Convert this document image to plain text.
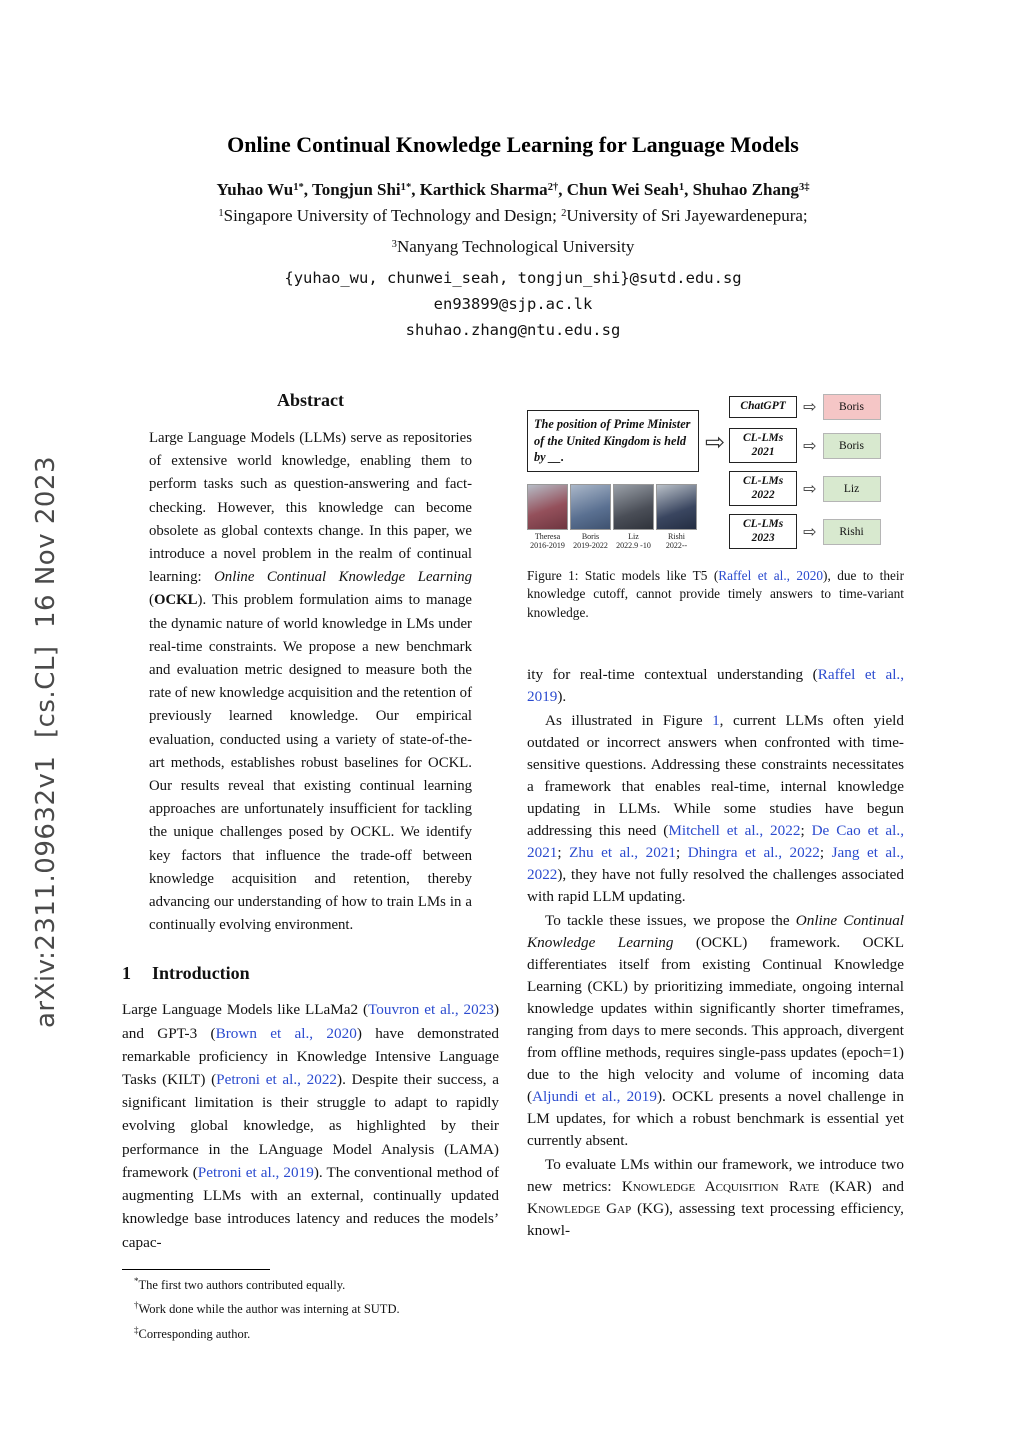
arXiv:2311.09632v1  [cs.CL]  16 Nov 2023
Online Continual Knowledge Learning for Language Models
Yuhao $Wu^{1*}$, Tongjun Shi$^{1*}$, Karthick Sharma$^{2\dagger}$, Chun Wei Seah$^1$, Shuhao Zhang$^{3\ddagger}$
$^1$Singapore University of Technology and Design; $^2$University of Sri Jayewardenepura;
$^3$Nanyang Technological University
{yuhao_wu, chunwei_seah, tongjun_shi}@sutd.edu.sg
en93899@sjp.ac.lk
shuhao.zhang@ntu.edu.sg
Abstract
Large Language Models (LLMs) serve as repositories of extensive world knowledge, enabling them to perform tasks such as question-answering and fact-checking. However, this knowledge can become obsolete as global contexts change. In this paper, we introduce a novel problem in the realm of continual learning: Online Continual Knowledge Learning (OCKL). This problem formulation aims to manage the dynamic nature of world knowledge in LMs under real-time constraints. We propose a new benchmark and evaluation metric designed to measure both the rate of new knowledge acquisition and the retention of previously learned knowledge. Our empirical evaluation, conducted using a variety of state-of-the-art methods, establishes robust baselines for OCKL. Our results reveal that existing continual learning approaches are unfortunately insufficient for tackling the unique challenges posed by OCKL. We identify key factors that influence the trade-off between knowledge acquisition and retention, thereby advancing our understanding of how to train LMs in a continually evolving environment.
1 Introduction
Large Language Models like LLaMa2 (Touvron et al., 2023) and GPT-3 (Brown et al., 2020) have demonstrated remarkable proficiency in Knowledge Intensive Language Tasks (KILT) (Petroni et al., 2022). Despite their success, a significant limitation is their struggle to adapt to rapidly evolving global knowledge, as highlighted by their performance in the LAnguage Model Analysis (LAMA) framework (Petroni et al., 2019). The conventional method of augmenting LLMs with an external, continually updated knowledge base introduces latency and reduces the models’ capac-
*The first two authors contributed equally.
†Work done while the author was interning at SUTD.
‡Corresponding author.
The position of Prime Minister of the United Kingdom is held by __.
Theresa
2016-2019
Boris
2019-2022
Liz
2022.9 -10
Rishi
2022--
⇨
ChatGPT	⇨ Boris
CL-LMs
2021	⇨ Boris
CL-LMs
2022	⇨ Liz
CL-LMs
2023	⇨ Rishi
Figure 1: Static models like T5 (Raffel et al., 2020), due to their knowledge cutoff, cannot provide timely answers to time-variant knowledge.
ity for real-time contextual understanding (Raffel et al., 2019).
As illustrated in Figure 1, current LLMs often yield outdated or incorrect answers when confronted with time-sensitive questions. Addressing these constraints necessitates a framework that enables real-time, internal knowledge updating in LLMs. While some studies have begun addressing this need (Mitchell et al., 2022; De Cao et al., 2021; Zhu et al., 2021; Dhingra et al., 2022; Jang et al., 2022), they have not fully resolved the challenges associated with rapid LLM updating.
To tackle these issues, we propose the Online Continual Knowledge Learning (OCKL) framework. OCKL differentiates itself from existing Continual Knowledge Learning (CKL) by prioritizing immediate, ongoing internal knowledge updates within significantly shorter timeframes, ranging from days to mere seconds. This approach, divergent from offline methods, requires single-pass updates (epoch=1) due to the high velocity and volume of incoming data (Aljundi et al., 2019). OCKL presents a novel challenge in LM updates, for which a robust benchmark is essential yet currently absent.
To evaluate LMs within our framework, we introduce two new metrics: Knowledge Acquisition Rate (KAR) and Knowledge Gap (KG), assessing text processing efficiency, knowl-
